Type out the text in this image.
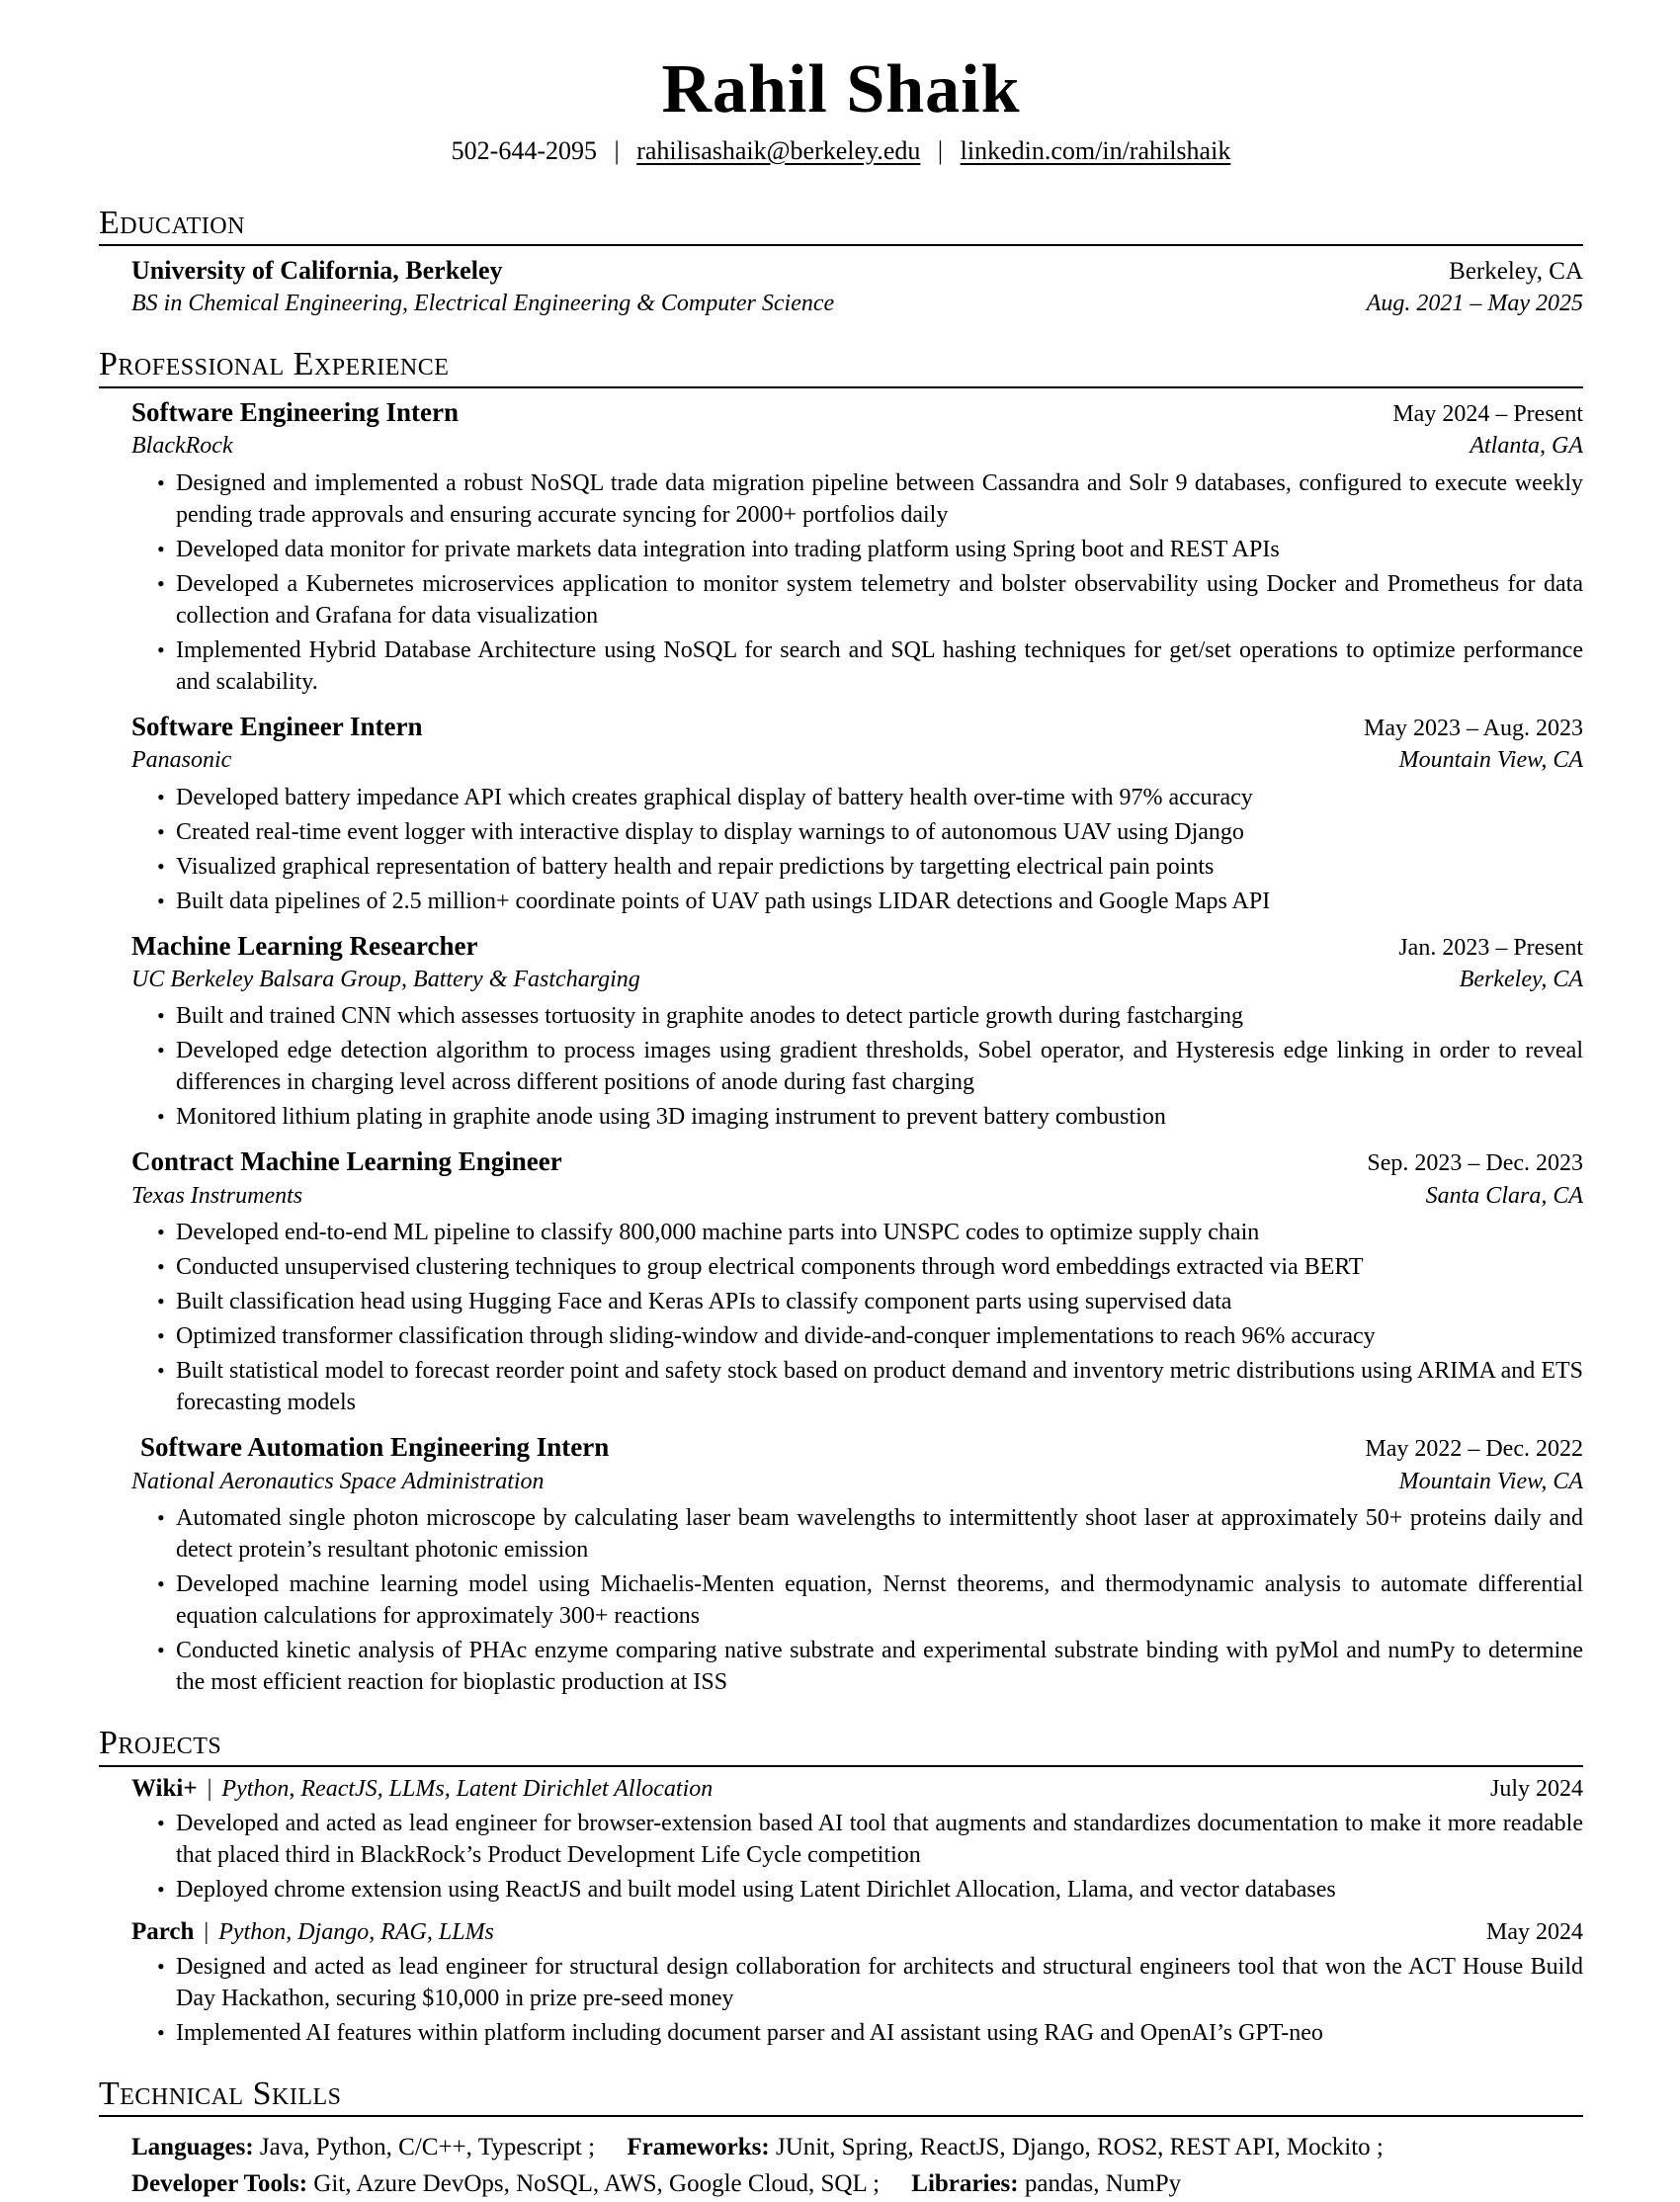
Rahil Shaik
502-644-2095 | rahilisashaik@berkeley.edu | linkedin.com/in/rahilshaik
Education
University of California, Berkeley	Berkeley, CA
BS in Chemical Engineering, Electrical Engineering & Computer Science	Aug. 2021 – May 2025
Professional Experience
Software Engineering Intern	May 2024 – Present
BlackRock	Atlanta, GA
• Designed and implemented a robust NoSQL trade data migration pipeline between Cassandra and Solr 9 databases, configured to execute weekly pending trade approvals and ensuring accurate syncing for 2000+ portfolios daily
• Developed data monitor for private markets data integration into trading platform using Spring boot and REST APIs
• Developed a Kubernetes microservices application to monitor system telemetry and bolster observability using Docker and Prometheus for data collection and Grafana for data visualization
• Implemented Hybrid Database Architecture using NoSQL for search and SQL hashing techniques for get/set operations to optimize performance and scalability.
Software Engineer Intern	May 2023 – Aug. 2023
Panasonic	Mountain View, CA
• Developed battery impedance API which creates graphical display of battery health over-time with 97% accuracy
• Created real-time event logger with interactive display to display warnings to of autonomous UAV using Django
• Visualized graphical representation of battery health and repair predictions by targetting electrical pain points
• Built data pipelines of 2.5 million+ coordinate points of UAV path usings LIDAR detections and Google Maps API
Machine Learning Researcher	Jan. 2023 – Present
UC Berkeley Balsara Group, Battery & Fastcharging	Berkeley, CA
• Built and trained CNN which assesses tortuosity in graphite anodes to detect particle growth during fastcharging
• Developed edge detection algorithm to process images using gradient thresholds, Sobel operator, and Hysteresis edge linking in order to reveal differences in charging level across different positions of anode during fast charging
• Monitored lithium plating in graphite anode using 3D imaging instrument to prevent battery combustion
Contract Machine Learning Engineer	Sep. 2023 – Dec. 2023
Texas Instruments	Santa Clara, CA
• Developed end-to-end ML pipeline to classify 800,000 machine parts into UNSPC codes to optimize supply chain
• Conducted unsupervised clustering techniques to group electrical components through word embeddings extracted via BERT
• Built classification head using Hugging Face and Keras APIs to classify component parts using supervised data
• Optimized transformer classification through sliding-window and divide-and-conquer implementations to reach 96% accuracy
• Built statistical model to forecast reorder point and safety stock based on product demand and inventory metric distributions using ARIMA and ETS forecasting models
Software Automation Engineering Intern	May 2022 – Dec. 2022
National Aeronautics Space Administration	Mountain View, CA
• Automated single photon microscope by calculating laser beam wavelengths to intermittently shoot laser at approximately 50+ proteins daily and detect protein’s resultant photonic emission
• Developed machine learning model using Michaelis-Menten equation, Nernst theorems, and thermodynamic analysis to automate differential equation calculations for approximately 300+ reactions
• Conducted kinetic analysis of PHAc enzyme comparing native substrate and experimental substrate binding with pyMol and numPy to determine the most efficient reaction for bioplastic production at ISS
Projects
Wiki+ | Python, ReactJS, LLMs, Latent Dirichlet Allocation	July 2024
• Developed and acted as lead engineer for browser-extension based AI tool that augments and standardizes documentation to make it more readable that placed third in BlackRock’s Product Development Life Cycle competition
• Deployed chrome extension using ReactJS and built model using Latent Dirichlet Allocation, Llama, and vector databases
Parch | Python, Django, RAG, LLMs	May 2024
• Designed and acted as lead engineer for structural design collaboration for architects and structural engineers tool that won the ACT House Build Day Hackathon, securing $10,000 in prize pre-seed money
• Implemented AI features within platform including document parser and AI assistant using RAG and OpenAI’s GPT-neo
Technical Skills
Languages: Java, Python, C/C++, Typescript ; Frameworks: JUnit, Spring, ReactJS, Django, ROS2, REST API, Mockito ;
Developer Tools: Git, Azure DevOps, NoSQL, AWS, Google Cloud, SQL ; Libraries: pandas, NumPy
